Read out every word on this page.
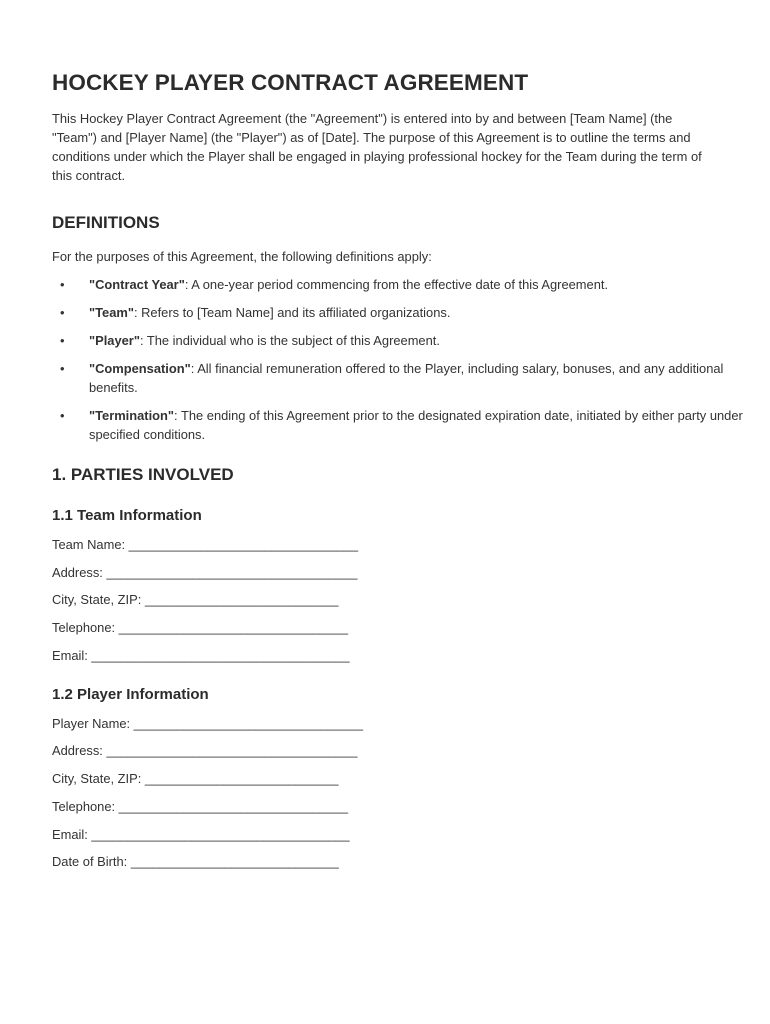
HOCKEY PLAYER CONTRACT AGREEMENT

This Hockey Player Contract Agreement (the "Agreement") is entered into by and between [Team Name] (the "Team") and [Player Name] (the "Player") as of [Date]. The purpose of this Agreement is to outline the terms and conditions under which the Player shall be engaged in playing professional hockey for the Team during the term of this contract.

DEFINITIONS

For the purposes of this Agreement, the following definitions apply:

• "Contract Year": A one-year period commencing from the effective date of this Agreement.
• "Team": Refers to [Team Name] and its affiliated organizations.
• "Player": The individual who is the subject of this Agreement.
• "Compensation": All financial remuneration offered to the Player, including salary, bonuses, and any additional benefits.
• "Termination": The ending of this Agreement prior to the designated expiration date, initiated by either party under specified conditions.
1. PARTIES INVOLVED
1.1 Team Information
Team Name: ________________________________
Address: ___________________________________
City, State, ZIP: ___________________________
Telephone: ________________________________
Email: ____________________________________
1.2 Player Information
Player Name: ________________________________
Address: ___________________________________
City, State, ZIP: ___________________________
Telephone: ________________________________
Email: ____________________________________
Date of Birth: _____________________________
